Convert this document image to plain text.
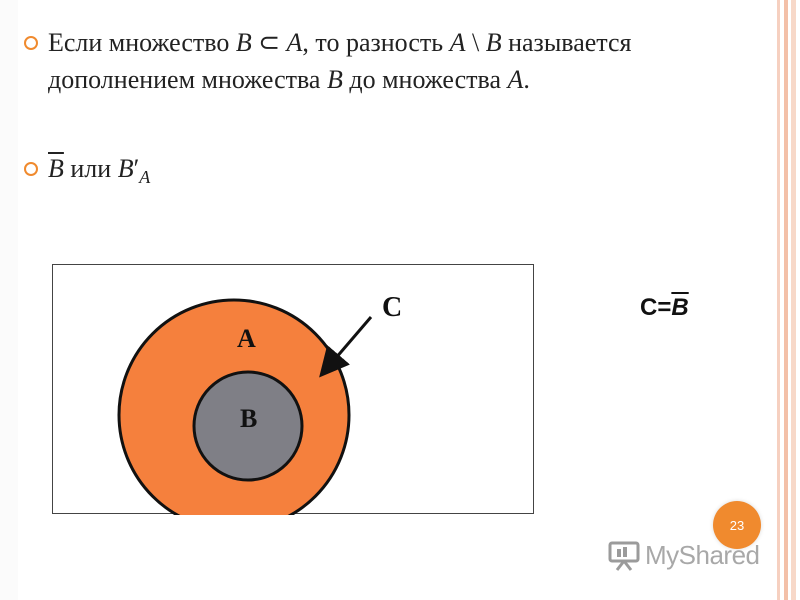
Если множество B ⊂ A, то разность A \ B называется дополнением множества B до множества A.
$\overline{B}$ или $B'_A$
A
B
C	$C=\overline{B}$
23
MyShared
